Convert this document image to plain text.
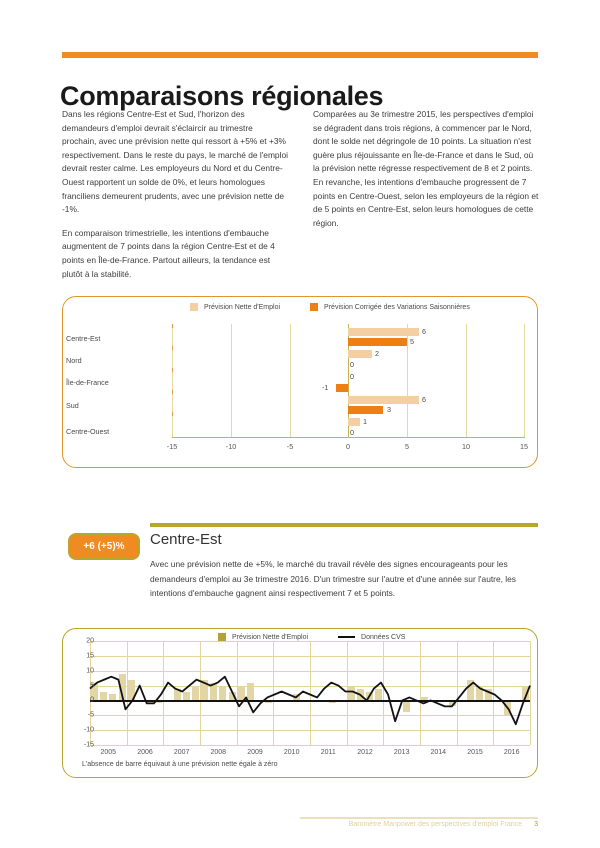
Comparaisons régionales

Dans les régions Centre-Est et Sud, l'horizon des demandeurs d'emploi devrait s'éclaircir au trimestre prochain, avec une prévision nette qui ressort à +5% et +3% respectivement. Dans le reste du pays, le marché de l'emploi devrait rester calme. Les employeurs du Nord et du Centre-Ouest rapportent un solde de 0%, et leurs homologues franciliens demeurent prudents, avec une prévision nette de -1%.

En comparaison trimestrielle, les intentions d'embauche augmentent de 7 points dans la région Centre-Est et de 4 points en Île-de-France. Partout ailleurs, la tendance est plutôt à la stabilité.

Comparées au 3e trimestre 2015, les perspectives d'emploi se dégradent dans trois régions, à commencer par le Nord, dont le solde net dégringole de 10 points. La situation n'est guère plus réjouissante en Île-de-France et dans le Sud, où la prévision nette régresse respectivement de 8 et 2 points. En revanche, les intentions d'embauche progressent de 7 points en Centre-Ouest, selon les employeurs de la région et de 5 points en Centre-Est, selon leurs homologues de cette région.

Prévision Nette d'Emploi	Prévision Corrigée des Variations Saisonnières
Centre-Est
Nord
Île-de-France
Sud
Centre-Ouest
6
5
2
0
0
-1
6
3
1
0
-15	-10	-5	0	5	10	15
+6 (+5)%	Centre-Est
Avec une prévision nette de +5%, le marché du travail révèle des signes encourageants pour les demandeurs d'emploi au 3e trimestre 2016. D'un trimestre sur l'autre et d'une année sur l'autre, les intentions d'embauche gagnent ainsi respectivement 7 et 5 points.
Prévision Nette d'Emploi	Données CVS
20
15
10
5
0
-5
-10
-15
2005	2006	2007	2008	2009	2010	2011	2012	2013	2014	2015	2016
L'absence de barre équivaut à une prévision nette égale à zéro
Baromètre Manpower des perspectives d'emploi France 3
